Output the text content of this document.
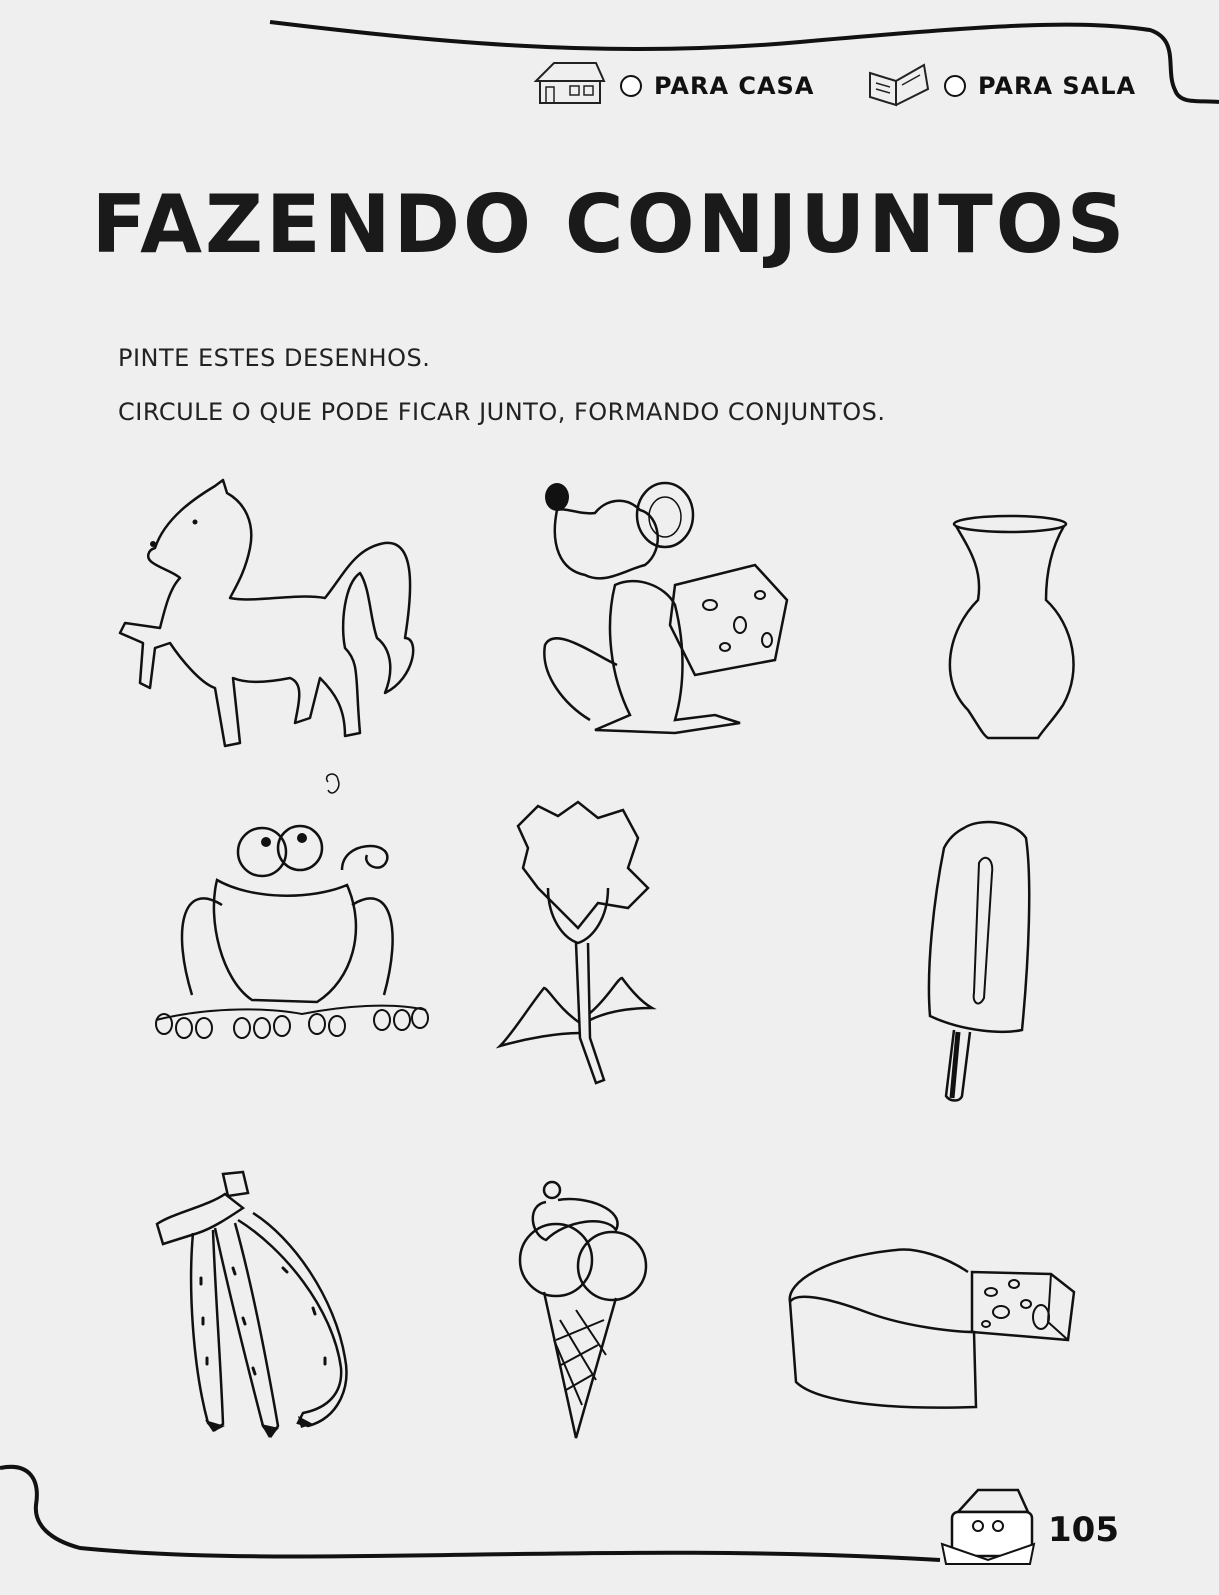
PARA CASA	PARA SALA
FAZENDO CONJUNTOS
PINTE ESTES DESENHOS.
CIRCULE O QUE PODE FICAR JUNTO, FORMANDO CONJUNTOS.
105
